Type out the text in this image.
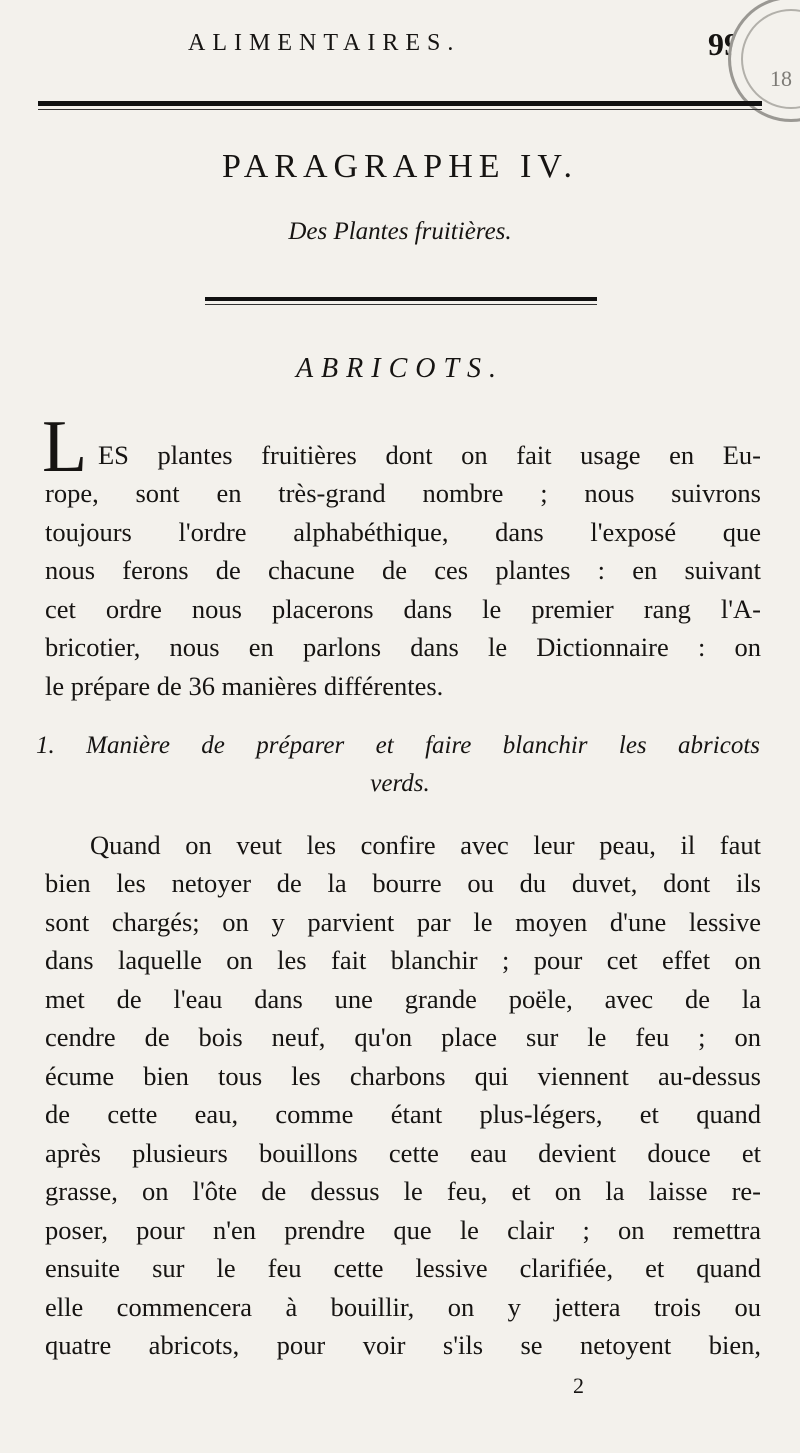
ALIMENTAIRES.	99
18
PARAGRAPHE IV.
Des Plantes fruitières.
ABRICOTS.
L ES plantes fruitières dont on fait usage en Eu-
rope, sont en très-grand nombre ; nous suivrons
toujours l'ordre alphabéthique, dans l'exposé que
nous ferons de chacune de ces plantes : en suivant
cet ordre nous placerons dans le premier rang l'A-
bricotier, nous en parlons dans le Dictionnaire : on
le prépare de 36 manières différentes.
1. Manière de préparer et faire blanchir les abricots
verds.
Quand on veut les confire avec leur peau, il faut
bien les netoyer de la bourre ou du duvet, dont ils
sont chargés; on y parvient par le moyen d'une lessive
dans laquelle on les fait blanchir ; pour cet effet on
met de l'eau dans une grande poële, avec de la
cendre de bois neuf, qu'on place sur le feu ; on
écume bien tous les charbons qui viennent au-dessus
de cette eau, comme étant plus-légers, et quand
après plusieurs bouillons cette eau devient douce et
grasse, on l'ôte de dessus le feu, et on la laisse re-
poser, pour n'en prendre que le clair ; on remettra
ensuite sur le feu cette lessive clarifiée, et quand
elle commencera à bouillir, on y jettera trois ou
quatre abricots, pour voir s'ils se netoyent bien,
2
